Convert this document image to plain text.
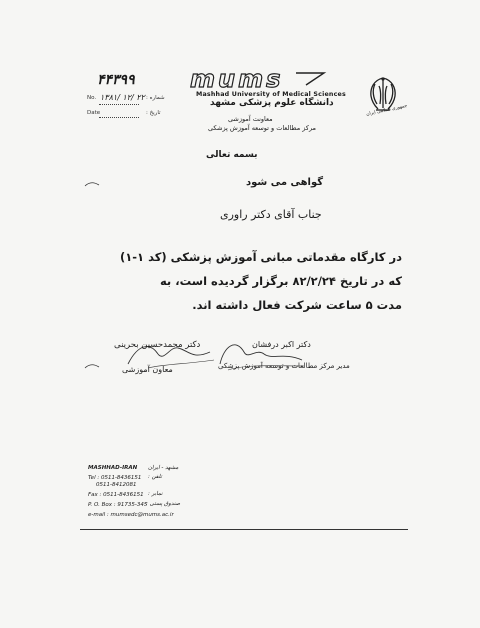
۴۴۳۹۹
No. ۱۳۸۱/ ۱۲/ ۲۲ شماره :
Date	تاریخ :
mums
Mashhad University of Medical Sciences
دانشگاه علوم پزشکی مشهد
معاونت آموزشی
مرکز مطالعات و توسعه آموزش پزشکی
جمهوری اسلامی ایران
بسمه تعالی
گواهی می شود
جناب آقای دکتر راوری
در کارگاه مقدماتی مبانی آموزش پزشکی (کد ۱-۱)
که در تاریخ ۸۲/۲/۲۴ برگزار گردیده است، به
مدت ۵ ساعت شرکت فعال داشته اند.
دکتر محمدحسین بحرینی
معاون آموزشی
دکتر اکبر درفشان
مدیر مرکز مطالعات و توسعه آموزش پزشکی
MASHHAD-IRAN مشهد - ایران
تلفن :
Tel : 0511-8436151
0511-8412081
نمابر :
Fax : 0511-8436151
صندوق پستی :
P. O. Box : 91735-345
e-mail : mumsedc@mums.ac.ir
